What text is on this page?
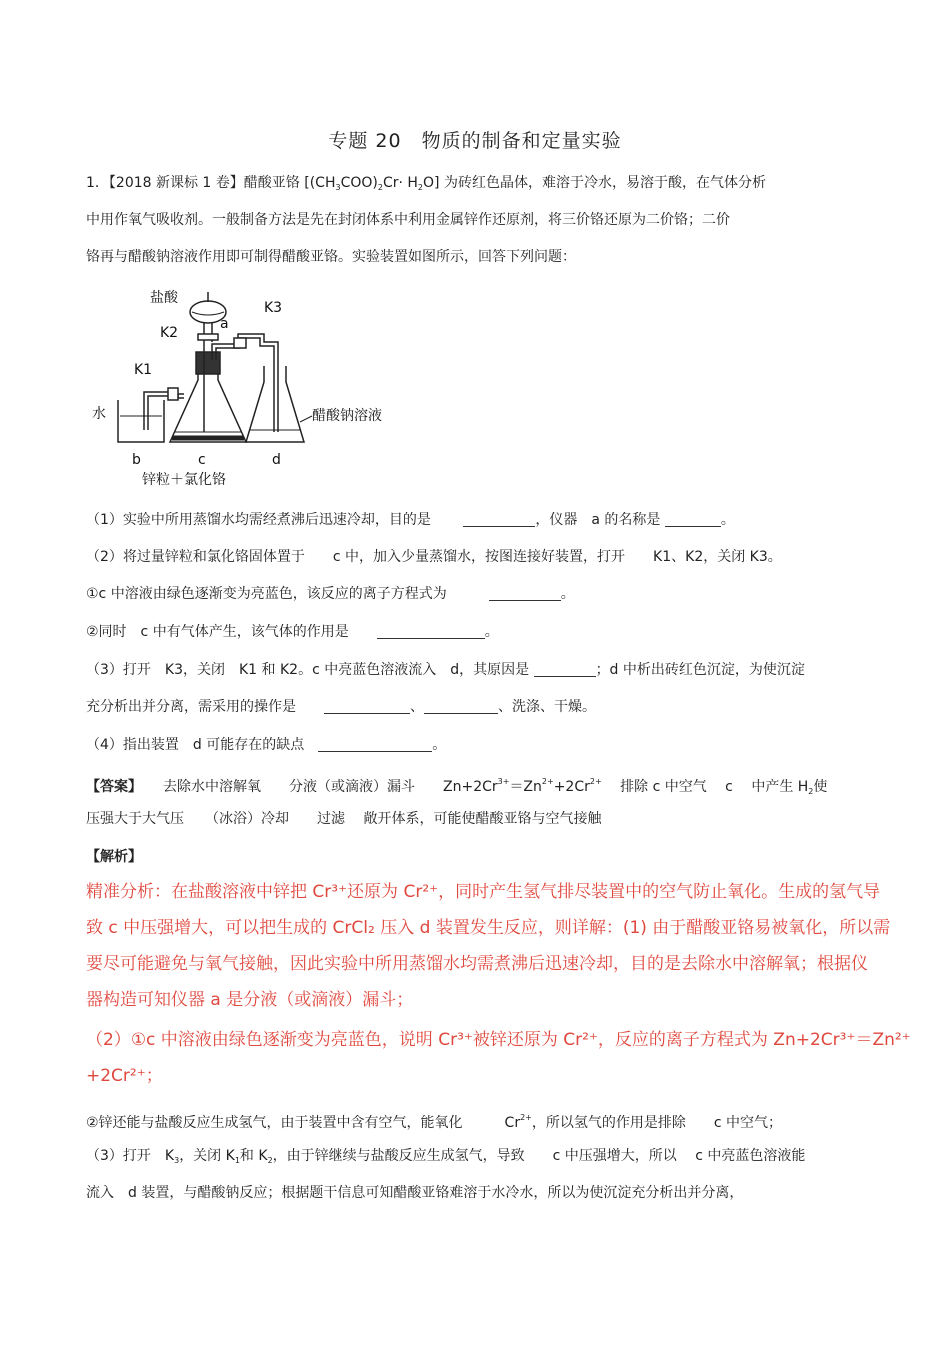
专题 20　物质的制备和定量实验
1．【2018 新课标 1 卷】醋酸亚铬 $[(CH_3COO)_2Cr\cdot H_2O]$ 为砖红色晶体，难溶于冷水，易溶于酸，在气体分析
中用作氧气吸收剂。一般制备方法是先在封闭体系中利用金属锌作还原剂，将三价铬还原为二价铬；二价
铬再与醋酸钠溶液作用即可制得醋酸亚铬。实验装置如图所示，回答下列问题：
盐酸
K3
K2
a
K1
水	醋酸钠溶液
b	c	d
锌粒＋氯化铬
（1）实验中所用蒸馏水均需经煮沸后迅速冷却，目的是　　	，仪器　a 的名称是	。
（2）将过量锌粒和氯化铬固体置于　　c 中，加入少量蒸馏水，按图连接好装置，打开　　K1、K2，关闭 K3。
①c 中溶液由绿色逐渐变为亮蓝色，该反应的离子方程式为　　　	。
②同时　c 中有气体产生，该气体的作用是　　	。
（3）打开　K3，关闭　K1 和 K2。c 中亮蓝色溶液流入　d，其原因是	；d 中析出砖红色沉淀，为使沉淀
充分析出并分离，需采用的操作是　　	、	、洗涤、干燥。
（4）指出装置　d 可能存在的缺点　	。
【答案】　　 去除水中溶解氧　　分液（或滴液）漏斗　　$Zn+2Cr^{3+}=Zn^{2+}+2Cr^{2+}$　 排除 c 中空气　 c　 中产生 $H_2$使
压强大于大气压　　（冰浴）冷却　　过滤　 敞开体系，可能使醋酸亚铬与空气接触
【解析】
精准分析：在盐酸溶液中锌把 Cr³⁺还原为 Cr²⁺，同时产生氢气排尽装置中的空气防止氧化。生成的氢气导
致 c 中压强增大，可以把生成的 CrCl₂ 压入 d 装置发生反应，则详解：(1) 由于醋酸亚铬易被氧化，所以需
要尽可能避免与氧气接触，因此实验中所用蒸馏水均需煮沸后迅速冷却，目的是去除水中溶解氧；根据仪
器构造可知仪器 a 是分液（或滴液）漏斗；
（2）①c 中溶液由绿色逐渐变为亮蓝色，说明 Cr³⁺被锌还原为 Cr²⁺，反应的离子方程式为 Zn+2Cr³⁺＝Zn²⁺
+2Cr²⁺；
②锌还能与盐酸反应生成氢气，由于装置中含有空气，能氧化　　　$Cr^{2+}$，所以氢气的作用是排除　　c 中空气；
（3）打开　$K_3$，关闭 $K_1$和 $K_2$，由于锌继续与盐酸反应生成氢气，导致　　c 中压强增大，所以　 c 中亮蓝色溶液能
流入　d 装置，与醋酸钠反应；根据题干信息可知醋酸亚铬难溶于水冷水，所以为使沉淀充分析出并分离，
